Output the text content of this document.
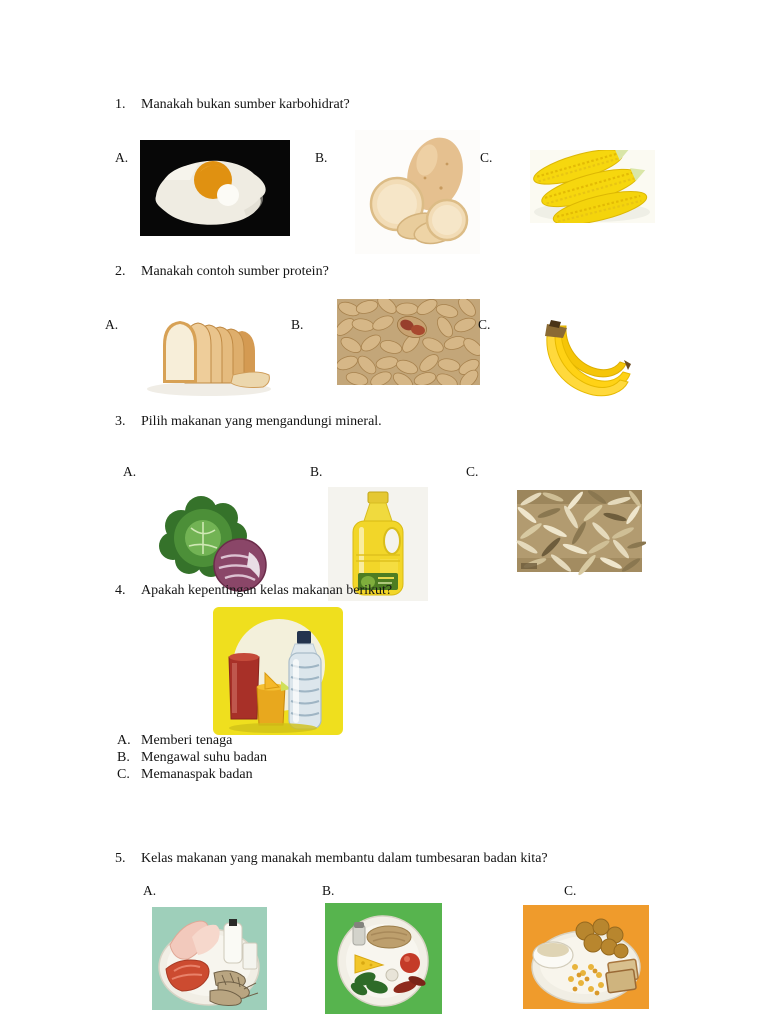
1. Manakah bukan sumber karbohidrat?
A.	B.	C.
2. Manakah contoh sumber protein?
A.	B.	C.
3. Pilih makanan yang mengandungi mineral.
A.	B.	C.
4. Apakah kepentingan kelas makanan berikut?
A. Memberi tenaga
B. Mengawal suhu badan
C. Memanaspak badan
5. Kelas makanan yang manakah membantu dalam tumbesaran badan kita?
A.	B.	C.
